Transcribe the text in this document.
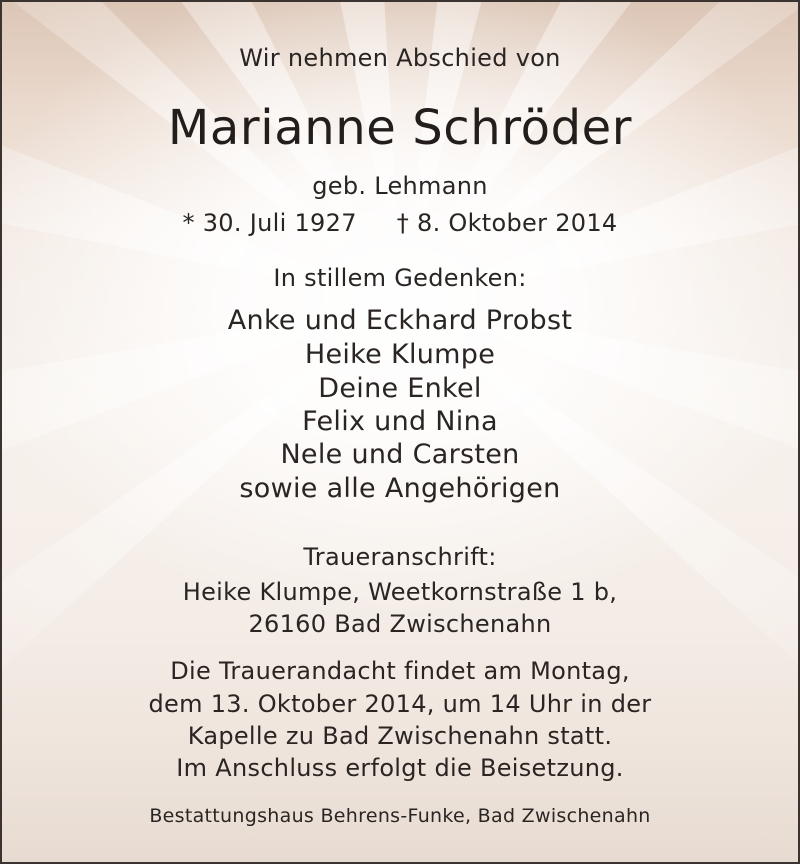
Wir nehmen Abschied von
Marianne Schröder
geb. Lehmann
* 30. Juli 1927 † 8. Oktober 2014
In stillem Gedenken:
Anke und Eckhard Probst
Heike Klumpe
Deine Enkel
Felix und Nina
Nele und Carsten
sowie alle Angehörigen
Traueranschrift:
Heike Klumpe, Weetkornstraße 1 b,
26160 Bad Zwischenahn
Die Trauerandacht findet am Montag,
dem 13. Oktober 2014, um 14 Uhr in der
Kapelle zu Bad Zwischenahn statt.
Im Anschluss erfolgt die Beisetzung.
Bestattungshaus Behrens-Funke, Bad Zwischenahn
